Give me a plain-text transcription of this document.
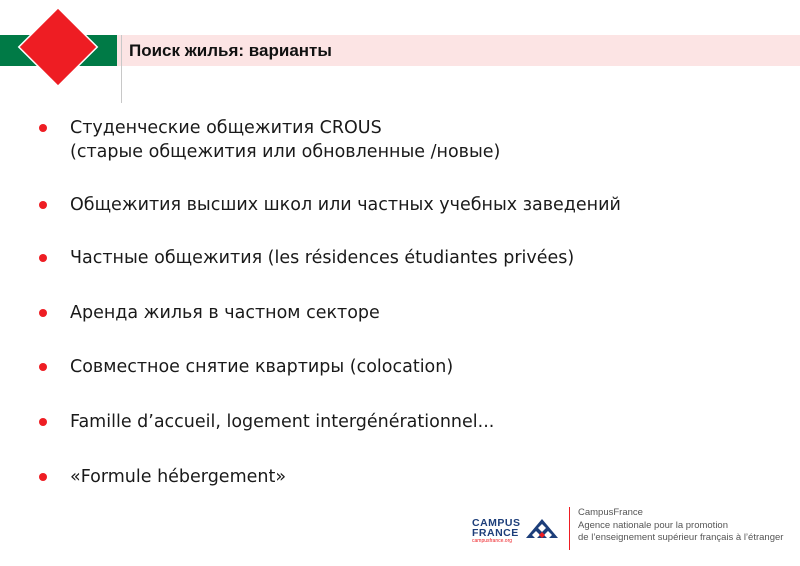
Поиск жилья: варианты
Студенческие общежития CROUS
(старые общежития или обновленные /новые)
Общежития высших школ или частных учебных заведений
Частные общежития (les résidences étudiantes privées)
Аренда жилья в частном секторе
Совместное снятие квартиры (colocation)
Famille d’accueil, logement intergénérationnel...
«Formule hébergement»
CAMPUS
FRANCE
campusfrance.org
CampusFrance
Agence nationale pour la promotion
de l’enseignement supérieur français à l’étranger
